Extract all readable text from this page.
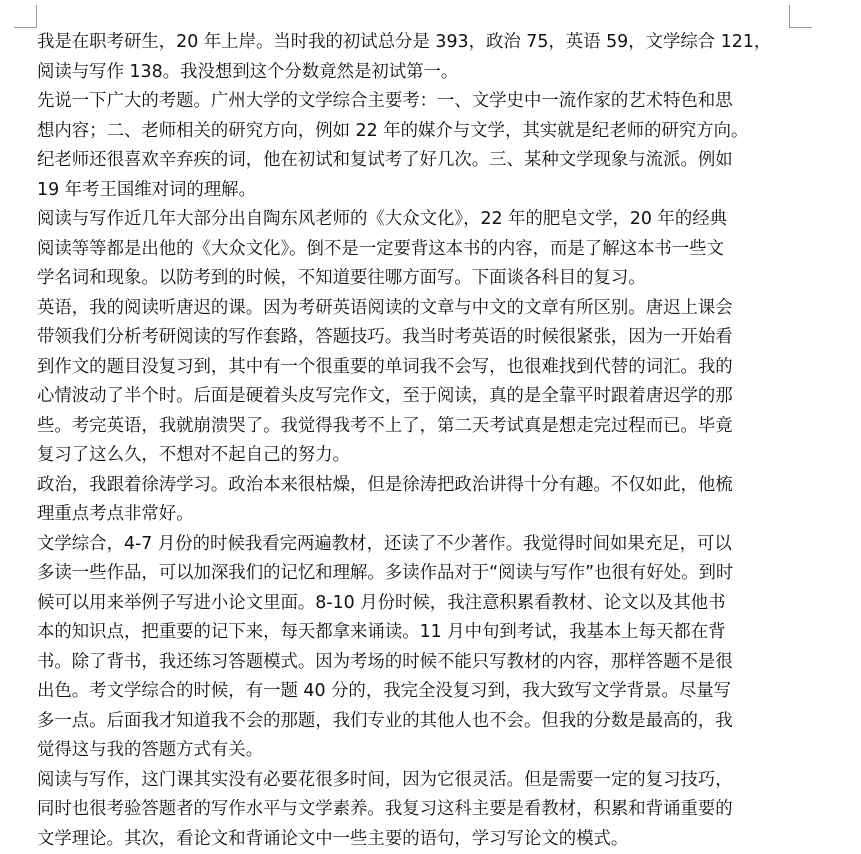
我是在职考研生，20 年上岸。当时我的初试总分是 393，政治 75，英语 59，文学综合 121，
阅读与写作 138。我没想到这个分数竟然是初试第一。

先说一下广大的考题。广州大学的文学综合主要考：一、文学史中一流作家的艺术特色和思
想内容；二、老师相关的研究方向，例如 22 年的媒介与文学，其实就是纪老师的研究方向。
纪老师还很喜欢辛弃疾的词，他在初试和复试考了好几次。三、某种文学现象与流派。例如
19 年考王国维对词的理解。

阅读与写作近几年大部分出自陶东风老师的《大众文化》，22 年的肥皂文学，20 年的经典
阅读等等都是出他的《大众文化》。倒不是一定要背这本书的内容，而是了解这本书一些文
学名词和现象。以防考到的时候，不知道要往哪方面写。下面谈各科目的复习。

英语，我的阅读听唐迟的课。因为考研英语阅读的文章与中文的文章有所区别。唐迟上课会
带领我们分析考研阅读的写作套路，答题技巧。我当时考英语的时候很紧张，因为一开始看
到作文的题目没复习到，其中有一个很重要的单词我不会写，也很难找到代替的词汇。我的
心情波动了半个时。后面是硬着头皮写完作文，至于阅读，真的是全靠平时跟着唐迟学的那
些。考完英语，我就崩溃哭了。我觉得我考不上了，第二天考试真是想走完过程而已。毕竟
复习了这么久，不想对不起自己的努力。

政治，我跟着徐涛学习。政治本来很枯燥，但是徐涛把政治讲得十分有趣。不仅如此，他梳
理重点考点非常好。

文学综合，4-7 月份的时候我看完两遍教材，还读了不少著作。我觉得时间如果充足，可以
多读一些作品，可以加深我们的记忆和理解。多读作品对于“阅读与写作”也很有好处。到时
候可以用来举例子写进小论文里面。8-10 月份时候，我注意积累看教材、论文以及其他书
本的知识点，把重要的记下来，每天都拿来诵读。11 月中旬到考试，我基本上每天都在背
书。除了背书，我还练习答题模式。因为考场的时候不能只写教材的内容，那样答题不是很
出色。考文学综合的时候，有一题 40 分的，我完全没复习到，我大致写文学背景。尽量写
多一点。后面我才知道我不会的那题，我们专业的其他人也不会。但我的分数是最高的，我
觉得这与我的答题方式有关。

阅读与写作，这门课其实没有必要花很多时间，因为它很灵活。但是需要一定的复习技巧，
同时也很考验答题者的写作水平与文学素养。我复习这科主要是看教材，积累和背诵重要的
文学理论。其次，看论文和背诵论文中一些主要的语句，学习写论文的模式。
